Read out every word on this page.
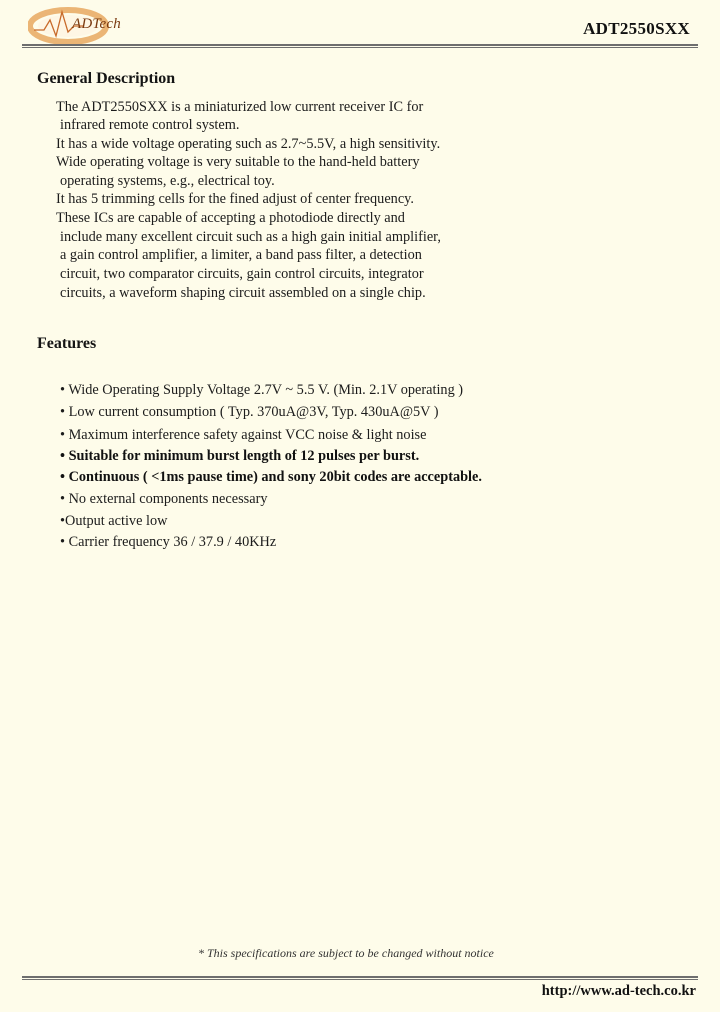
ADTech	ADT2550SXX
General Description
The ADT2550SXX is a miniaturized low current receiver IC for
infrared remote control system.
It has a wide voltage operating such as 2.7~5.5V, a high sensitivity.
Wide operating voltage is very suitable to the hand-held battery
operating systems, e.g., electrical toy.
It has 5 trimming cells for the fined adjust of center frequency.
These ICs are capable of accepting a photodiode directly and
include many excellent circuit such as a high gain initial amplifier,
a gain control amplifier, a limiter, a band pass filter, a detection
circuit, two comparator circuits, gain control circuits, integrator
circuits, a waveform shaping circuit assembled on a single chip.
Features
• Wide Operating Supply Voltage 2.7V ~ 5.5 V. (Min. 2.1V operating )
• Low current consumption ( Typ. 370uA@3V, Typ. 430uA@5V )
• Maximum interference safety against VCC noise & light noise
• Suitable for minimum burst length of 12 pulses per burst.
• Continuous ( <1ms pause time) and sony 20bit codes are acceptable.
• No external components necessary
•Output active low
• Carrier frequency 36 / 37.9 / 40KHz
* This specifications are subject to be changed without notice
http://www.ad-tech.co.kr
